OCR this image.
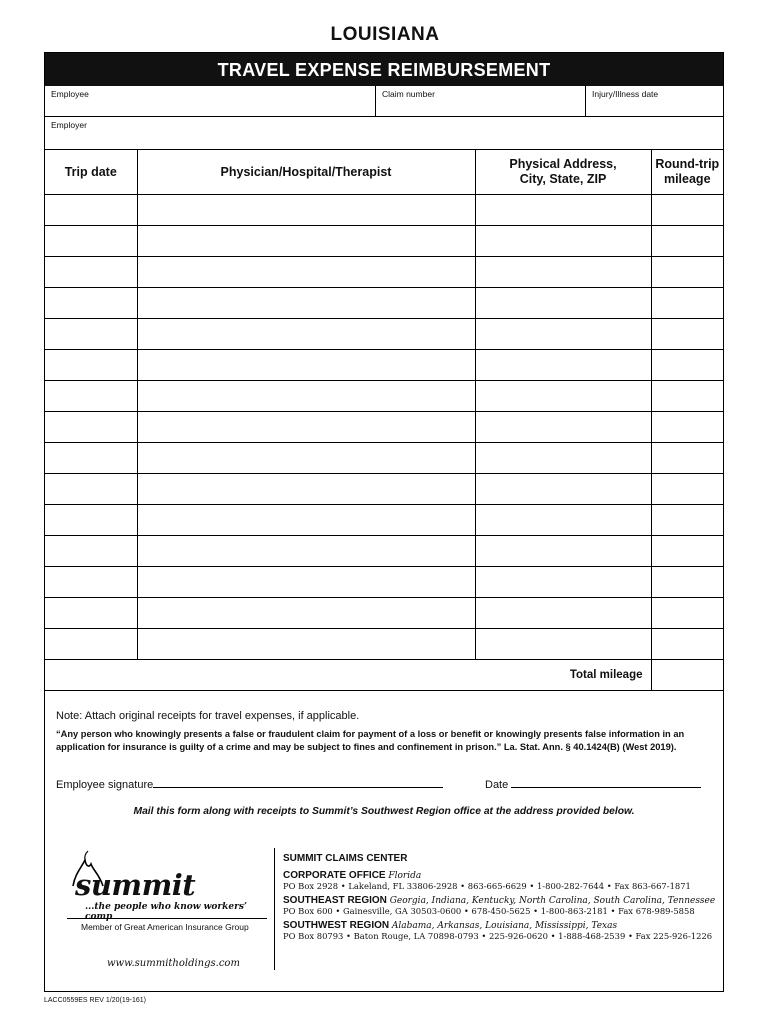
LOUISIANA
TRAVEL EXPENSE REIMBURSEMENT
Employee	Claim number	Injury/Illness date
Employer
Trip date	Physician/Hospital/Therapist	Physical Address, City, State, ZIP	Round-trip mileage

Total mileage			
Note: Attach original receipts for travel expenses, if applicable.
“Any person who knowingly presents a false or fraudulent claim for payment of a loss or benefit or knowingly presents false information in an application for insurance is guilty of a crime and may be subject to fines and confinement in prison.” La. Stat. Ann. § 40.1424(B) (West 2019).
Employee signature	Date
Mail this form along with receipts to Summit’s Southwest Region office at the address provided below.
summit
...the people who know workers’ comp
Member of Great American Insurance Group
www.summitholdings.com
SUMMIT CLAIMS CENTER
CORPORATE OFFICE Florida
PO Box 2928 • Lakeland, FL 33806-2928 • 863-665-6629 • 1-800-282-7644 • Fax 863-667-1871
SOUTHEAST REGION Georgia, Indiana, Kentucky, North Carolina, South Carolina, Tennessee
PO Box 600 • Gainesville, GA 30503-0600 • 678-450-5625 • 1-800-863-2181 • Fax 678-989-5858
SOUTHWEST REGION Alabama, Arkansas, Louisiana, Mississippi, Texas
PO Box 80793 • Baton Rouge, LA 70898-0793 • 225-926-0620 • 1-888-468-2539 • Fax 225-926-1226
LACC0559ES REV 1/20(19-161)
